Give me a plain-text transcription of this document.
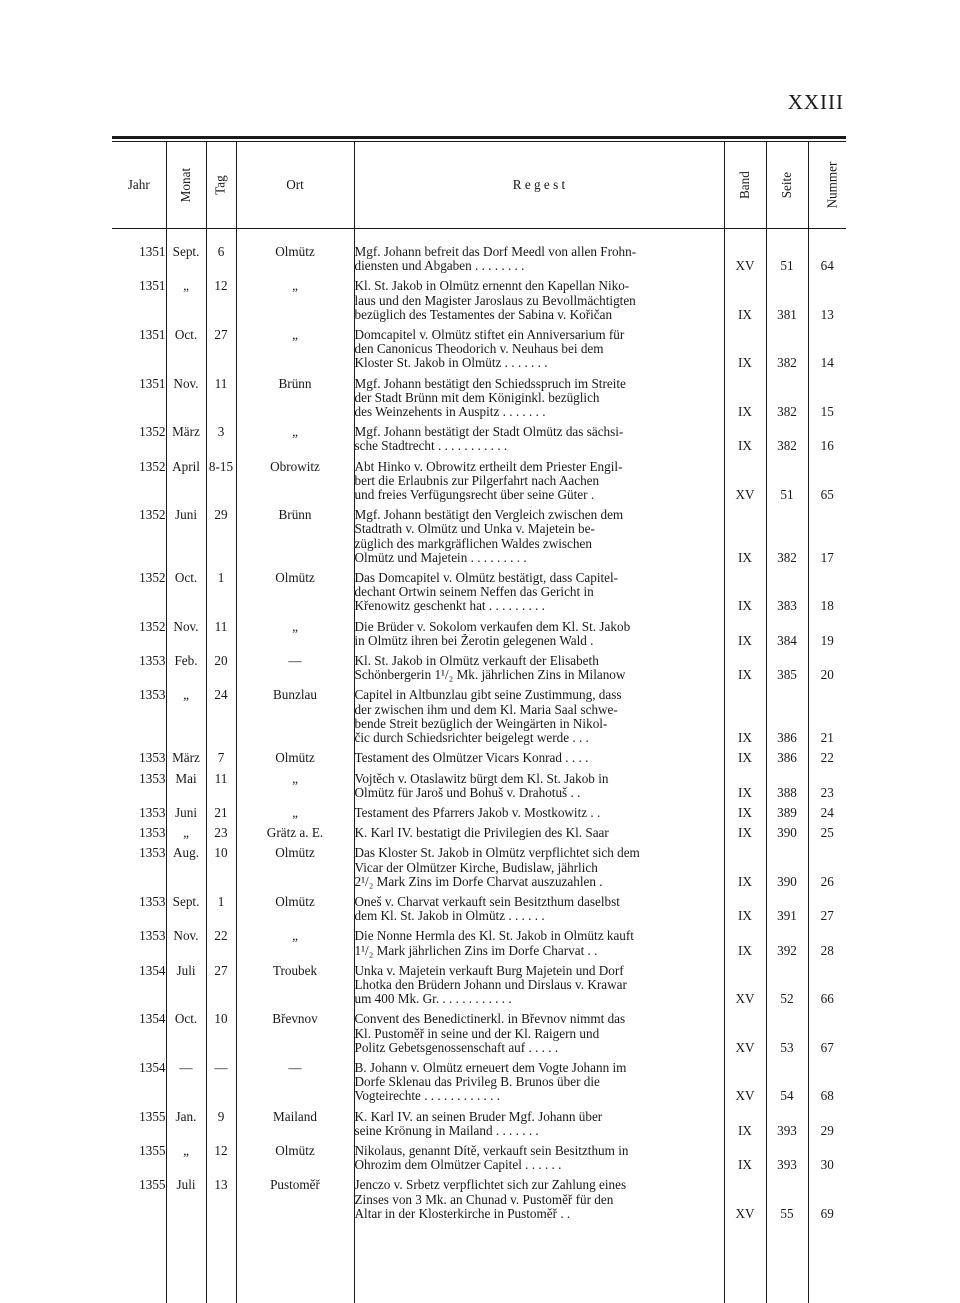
XXIII
Jahr	Monat	Tag	Ort	R e g e s t	Band	Seite	Nummer
1351	Sept.	6	Olmütz	Mgf. Johann befreit das Dorf Meedl von allen Frohn-
diensten und Abgaben . . . . . . . .	XV	51	64
1351	„	12	„	Kl. St. Jakob in Olmütz ernennt den Kapellan Niko-
laus und den Magister Jaroslaus zu Bevollmächtigten
bezüglich des Testamentes der Sabina v. Kořičan	IX	381	13
1351	Oct.	27	„	Domcapitel v. Olmütz stiftet ein Anniversarium für
den Canonicus Theodorich v. Neuhaus bei dem
Kloster St. Jakob in Olmütz . . . . . . .	IX	382	14
1351	Nov.	11	Brünn	Mgf. Johann bestätigt den Schiedsspruch im Streite
der Stadt Brünn mit dem Königinkl. bezüglich
des Weinzehents in Auspitz . . . . . . .	IX	382	15
1352	März	3	„	Mgf. Johann bestätigt der Stadt Olmütz das sächsi-
sche Stadtrecht . . . . . . . . . . .	IX	382	16
1352	April	8-15	Obrowitz	Abt Hinko v. Obrowitz ertheilt dem Priester Engil-
bert die Erlaubnis zur Pilgerfahrt nach Aachen
und freies Verfügungsrecht über seine Güter .	XV	51	65
1352	Juni	29	Brünn	Mgf. Johann bestätigt den Vergleich zwischen dem
Stadtrath v. Olmütz und Unka v. Majetein be-
züglich des markgräflichen Waldes zwischen
Olmütz und Majetein . . . . . . . . .	IX	382	17
1352	Oct.	1	Olmütz	Das Domcapitel v. Olmütz bestätigt, dass Capitel-
dechant Ortwin seinem Neffen das Gericht in
Křenowitz geschenkt hat . . . . . . . . .	IX	383	18
1352	Nov.	11	„	Die Brüder v. Sokolom verkaufen dem Kl. St. Jakob
in Olmütz ihren bei Žerotin gelegenen Wald .	IX	384	19
1353	Feb.	20	—	Kl. St. Jakob in Olmütz verkauft der Elisabeth
Schönbergerin 1¹/₂ Mk. jährlichen Zins in Milanow	IX	385	20
1353	„	24	Bunzlau	Capitel in Altbunzlau gibt seine Zustimmung, dass
der zwischen ihm und dem Kl. Maria Saal schwe-
bende Streit bezüglich der Weingärten in Nikol-
čic durch Schiedsrichter beigelegt werde . . .	IX	386	21
1353	März	7	Olmütz	Testament des Olmützer Vicars Konrad . . . .	IX	386	22
1353	Mai	11	„	Vojtěch v. Otaslawitz bürgt dem Kl. St. Jakob in
Olmütz für Jaroš und Bohuš v. Drahotuš . .	IX	388	23
1353	Juni	21	„	Testament des Pfarrers Jakob v. Mostkowitz . .	IX	389	24
1353	„	23	Grätz a. E.	K. Karl IV. bestatigt die Privilegien des Kl. Saar	IX	390	25
1353	Aug.	10	Olmütz	Das Kloster St. Jakob in Olmütz verpflichtet sich dem
Vicar der Olmützer Kirche, Budislaw, jährlich
2¹/₂ Mark Zins im Dorfe Charvat auszuzahlen .	IX	390	26
1353	Sept.	1	Olmütz	Oneš v. Charvat verkauft sein Besitzthum daselbst
dem Kl. St. Jakob in Olmütz . . . . . .	IX	391	27
1353	Nov.	22	„	Die Nonne Hermla des Kl. St. Jakob in Olmütz kauft
1¹/₂ Mark jährlichen Zins im Dorfe Charvat . .	IX	392	28
1354	Juli	27	Troubek	Unka v. Majetein verkauft Burg Majetein und Dorf
Lhotka den Brüdern Johann und Dirslaus v. Krawar
um 400 Mk. Gr. . . . . . . . . . . .	XV	52	66
1354	Oct.	10	Břevnov	Convent des Benedictinerkl. in Břevnov nimmt das
Kl. Pustoměř in seine und der Kl. Raigern und
Politz Gebetsgenossenschaft auf . . . . .	XV	53	67
1354	—	—	—	B. Johann v. Olmütz erneuert dem Vogte Johann im
Dorfe Sklenau das Privileg B. Brunos über die
Vogteirechte . . . . . . . . . . . .	XV	54	68
1355	Jan.	9	Mailand	K. Karl IV. an seinen Bruder Mgf. Johann über
seine Krönung in Mailand . . . . . . .	IX	393	29
1355	„	12	Olmütz	Nikolaus, genannt Dítě, verkauft sein Besitzthum in
Ohrozim dem Olmützer Capitel . . . . . .	IX	393	30
1355	Juli	13	Pustoměř	Jenczo v. Srbetz verpflichtet sich zur Zahlung eines
Zinses von 3 Mk. an Chunad v. Pustoměř für den
Altar in der Klosterkirche in Pustoměř . .	XV	55	69
